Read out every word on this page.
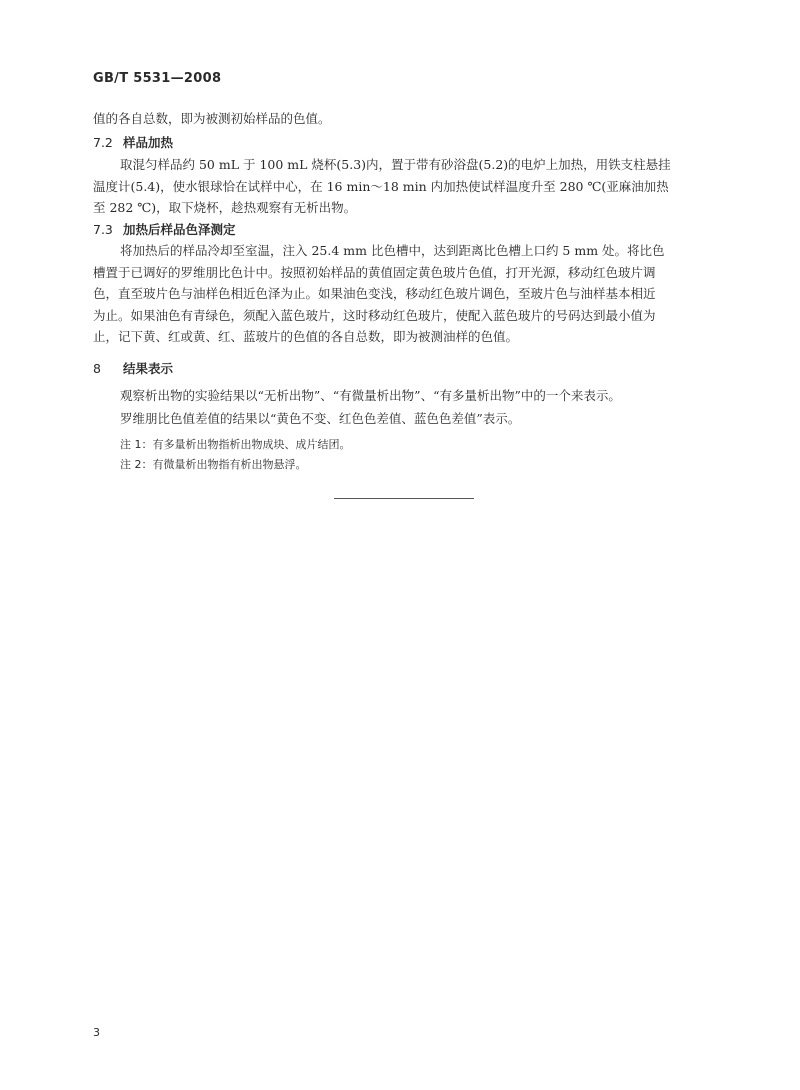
GB/T 5531—2008
值的各自总数，即为被测初始样品的色值。
7.2 样品加热
取混匀样品约 50 mL 于 100 mL 烧杯(5.3)内，置于带有砂浴盘(5.2)的电炉上加热，用铁支柱悬挂
温度计(5.4)，使水银球恰在试样中心，在 16 min～18 min 内加热使试样温度升至 280 ℃(亚麻油加热
至 282 ℃)，取下烧杯，趁热观察有无析出物。
7.3 加热后样品色泽测定
将加热后的样品冷却至室温，注入 25.4 mm 比色槽中，达到距离比色槽上口约 5 mm 处。将比色
槽置于已调好的罗维朋比色计中。按照初始样品的黄值固定黄色玻片色值，打开光源，移动红色玻片调
色，直至玻片色与油样色相近色泽为止。如果油色变浅，移动红色玻片调色，至玻片色与油样基本相近
为止。如果油色有青绿色，须配入蓝色玻片，这时移动红色玻片，使配入蓝色玻片的号码达到最小值为
止，记下黄、红或黄、红、蓝玻片的色值的各自总数，即为被测油样的色值。
8 结果表示
观察析出物的实验结果以“无析出物”、“有微量析出物”、“有多量析出物”中的一个来表示。
罗维朋比色值差值的结果以“黄色不变、红色色差值、蓝色色差值”表示。
注 1：有多量析出物指析出物成块、成片结团。
注 2：有微量析出物指有析出物悬浮。
3
